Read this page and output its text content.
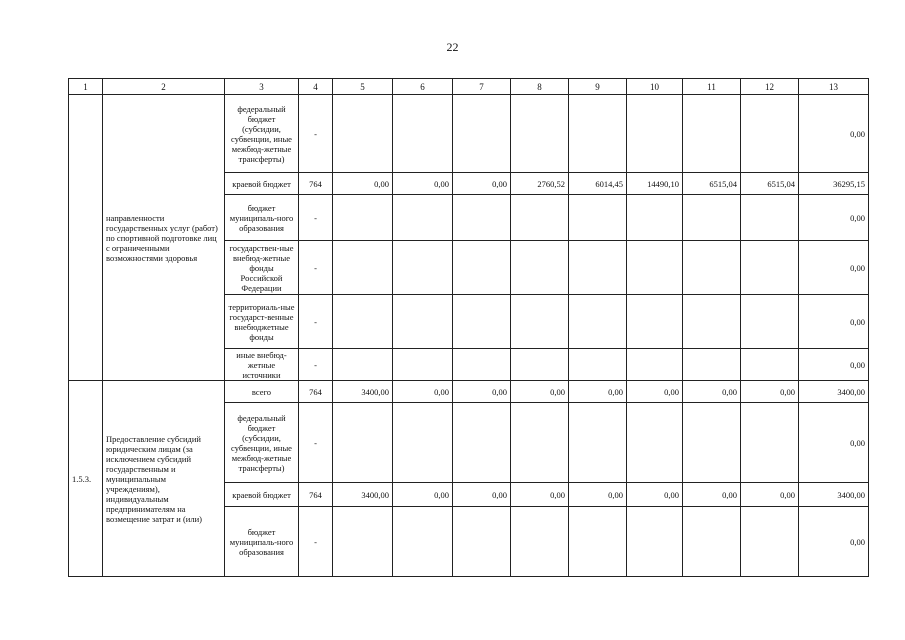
22
1	2	3	4	5	6	7	8	9	10	11	12	13
	направленности государственных услуг (работ) по спортивной подготовке лиц с ограниченными возможностями здоровья	федеральный бюджет (субсидии, субвенции, иные межбюд-жетные трансферты)	-									0,00
		краевой бюджет	764	0,00	0,00	0,00	2760,52	6014,45	14490,10	6515,04	6515,04	36295,15
		бюджет муниципаль-ного образования	-									0,00
		государствен-ные внебюд-жетные фонды Российской Федерации	-									0,00
		территориаль-ные государст-венные внебюджетные фонды	-									0,00
		иные внебюд-жетные источники	-									0,00
1.5.3.	Предоставление субсидий юридическим лицам (за исключением субсидий государственным и муниципальным учреждениям), индивидуальным предпринимателям на возмещение затрат и (или)	всего	764	3400,00	0,00	0,00	0,00	0,00	0,00	0,00	0,00	3400,00
		федеральный бюджет (субсидии, субвенции, иные межбюд-жетные трансферты)	-									0,00
		краевой бюджет	764	3400,00	0,00	0,00	0,00	0,00	0,00	0,00	0,00	3400,00
		бюджет муниципаль-ного образования	-									0,00
